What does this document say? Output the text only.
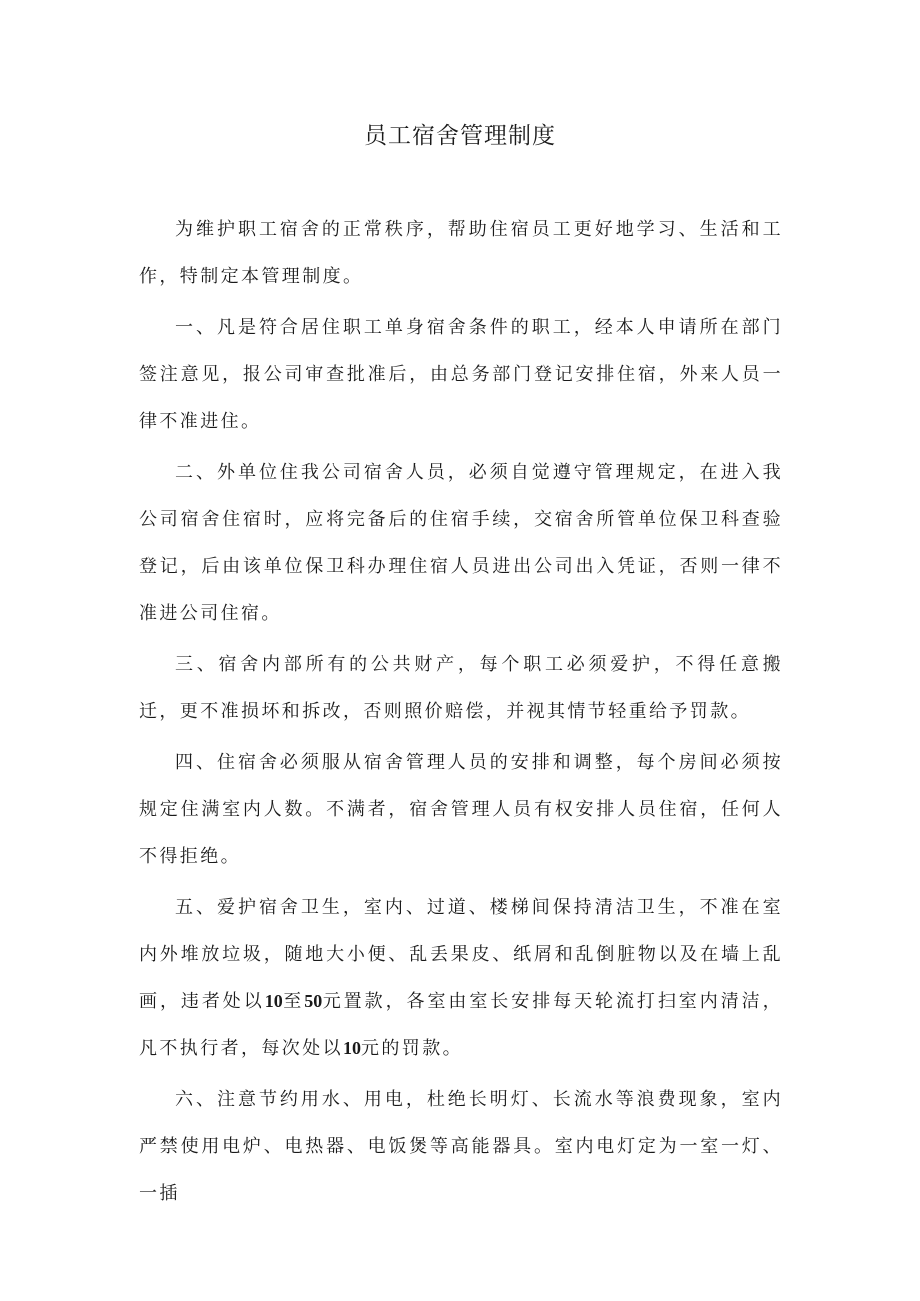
员工宿舍管理制度

为维护职工宿舍的正常秩序，帮助住宿员工更好地学习、生活和工作，特制定本管理制度。

一、凡是符合居住职工单身宿舍条件的职工，经本人申请所在部门签注意见，报公司审查批准后，由总务部门登记安排住宿，外来人员一律不准进住。

二、外单位住我公司宿舍人员，必须自觉遵守管理规定，在进入我公司宿舍住宿时，应将完备后的住宿手续，交宿舍所管单位保卫科查验登记，后由该单位保卫科办理住宿人员进出公司出入凭证，否则一律不准进公司住宿。

三、宿舍内部所有的公共财产，每个职工必须爱护，不得任意搬迁，更不准损坏和拆改，否则照价赔偿，并视其情节轻重给予罚款。

四、住宿舍必须服从宿舍管理人员的安排和调整，每个房间必须按规定住满室内人数。不满者，宿舍管理人员有权安排人员住宿，任何人不得拒绝。

五、爱护宿舍卫生，室内、过道、楼梯间保持清洁卫生，不准在室内外堆放垃圾，随地大小便、乱丢果皮、纸屑和乱倒脏物以及在墙上乱画，违者处以10至50元置款，各室由室长安排每天轮流打扫室内清洁，凡不执行者，每次处以10元的罚款。

六、注意节约用水、用电，杜绝长明灯、长流水等浪费现象，室内严禁使用电炉、电热器、电饭煲等高能器具。室内电灯定为一室一灯、一插
